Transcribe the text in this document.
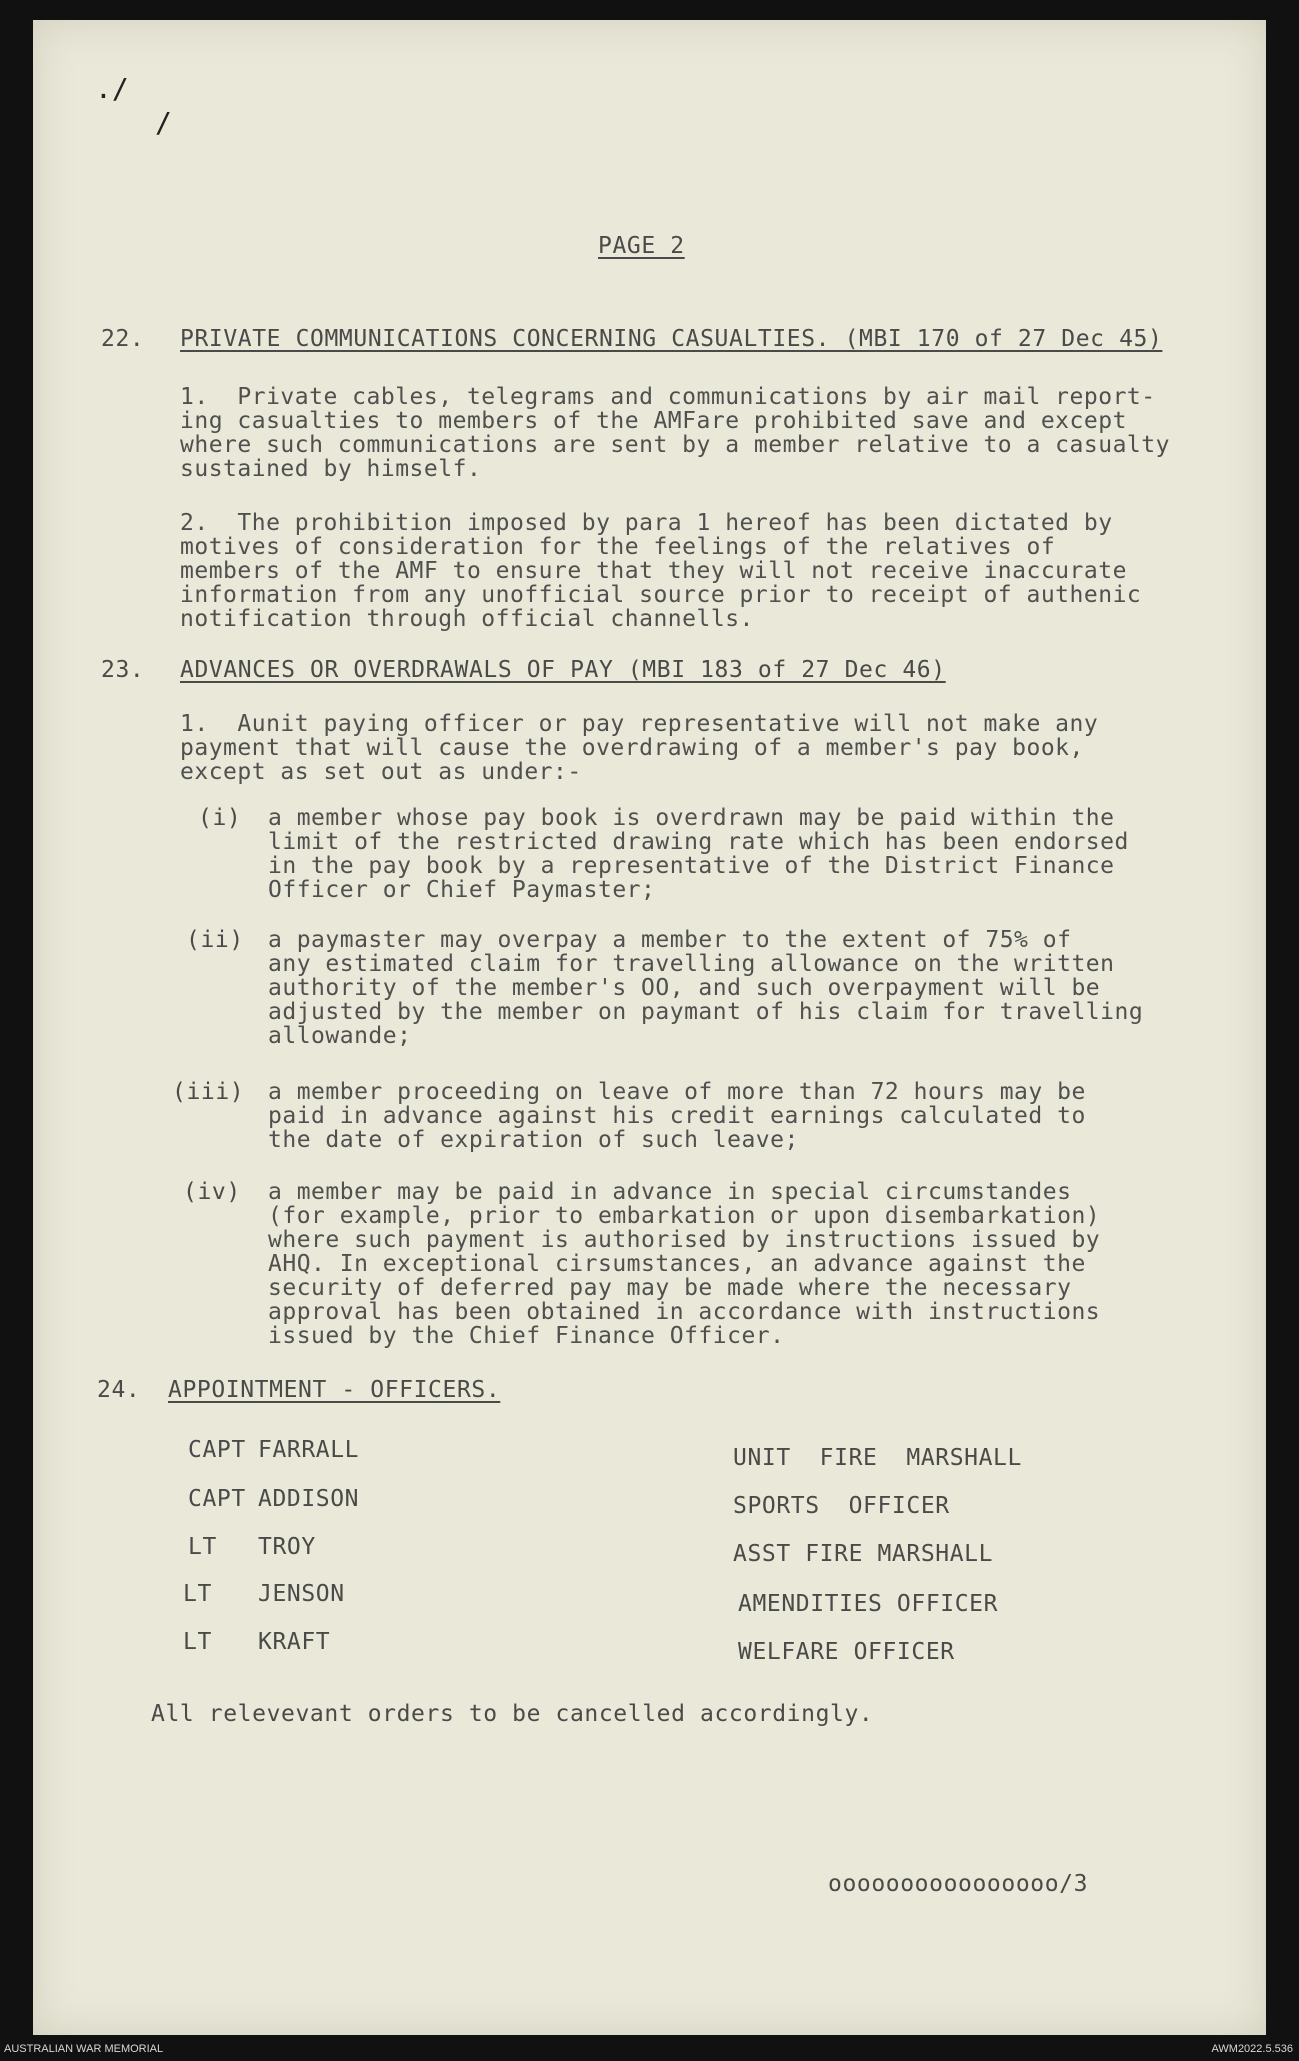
./
/
PAGE 2
22. PRIVATE COMMUNICATIONS CONCERNING CASUALTIES. (MBI 170 of 27 Dec 45)
1.  Private cables, telegrams and communications by air mail report-
ing casualties to members of the AMFare prohibited save and except
where such communications are sent by a member relative to a casualty
sustained by himself.
2.  The prohibition imposed by para 1 hereof has been dictated by
motives of consideration for the feelings of the relatives of
members of the AMF to ensure that they will not receive inaccurate
information from any unofficial source prior to receipt of authenic
notification through official channells.
23. ADVANCES OR OVERDRAWALS OF PAY (MBI 183 of 27 Dec 46)
1.  Aunit paying officer or pay representative will not make any
payment that will cause the overdrawing of a member's pay book,
except as set out as under:-
(i) a member whose pay book is overdrawn may be paid within the
limit of the restricted drawing rate which has been endorsed
in the pay book by a representative of the District Finance
Officer or Chief Paymaster;
(ii) a paymaster may overpay a member to the extent of 75% of
any estimated claim for travelling allowance on the written
authority of the member's OO, and such overpayment will be
adjusted by the member on paymant of his claim for travelling
allowande;
(iii) a member proceeding on leave of more than 72 hours may be
paid in advance against his credit earnings calculated to
the date of expiration of such leave;
(iv) a member may be paid in advance in special circumstandes
(for example, prior to embarkation or upon disembarkation)
where such payment is authorised by instructions issued by
AHQ. In exceptional cirsumstances, an advance against the
security of deferred pay may be made where the necessary
approval has been obtained in accordance with instructions
issued by the Chief Finance Officer.
24. APPOINTMENT - OFFICERS.
CAPT FARRALL	UNIT  FIRE  MARSHALL
CAPT ADDISON	SPORTS  OFFICER
LT TROY	ASST FIRE MARSHALL
LT JENSON	AMENDITIES OFFICER
LT KRAFT	WELFARE OFFICER
All relevevant orders to be cancelled accordingly.
oooooooooooooooo/3
AUSTRALIAN WAR MEMORIAL	AWM2022.5.536
